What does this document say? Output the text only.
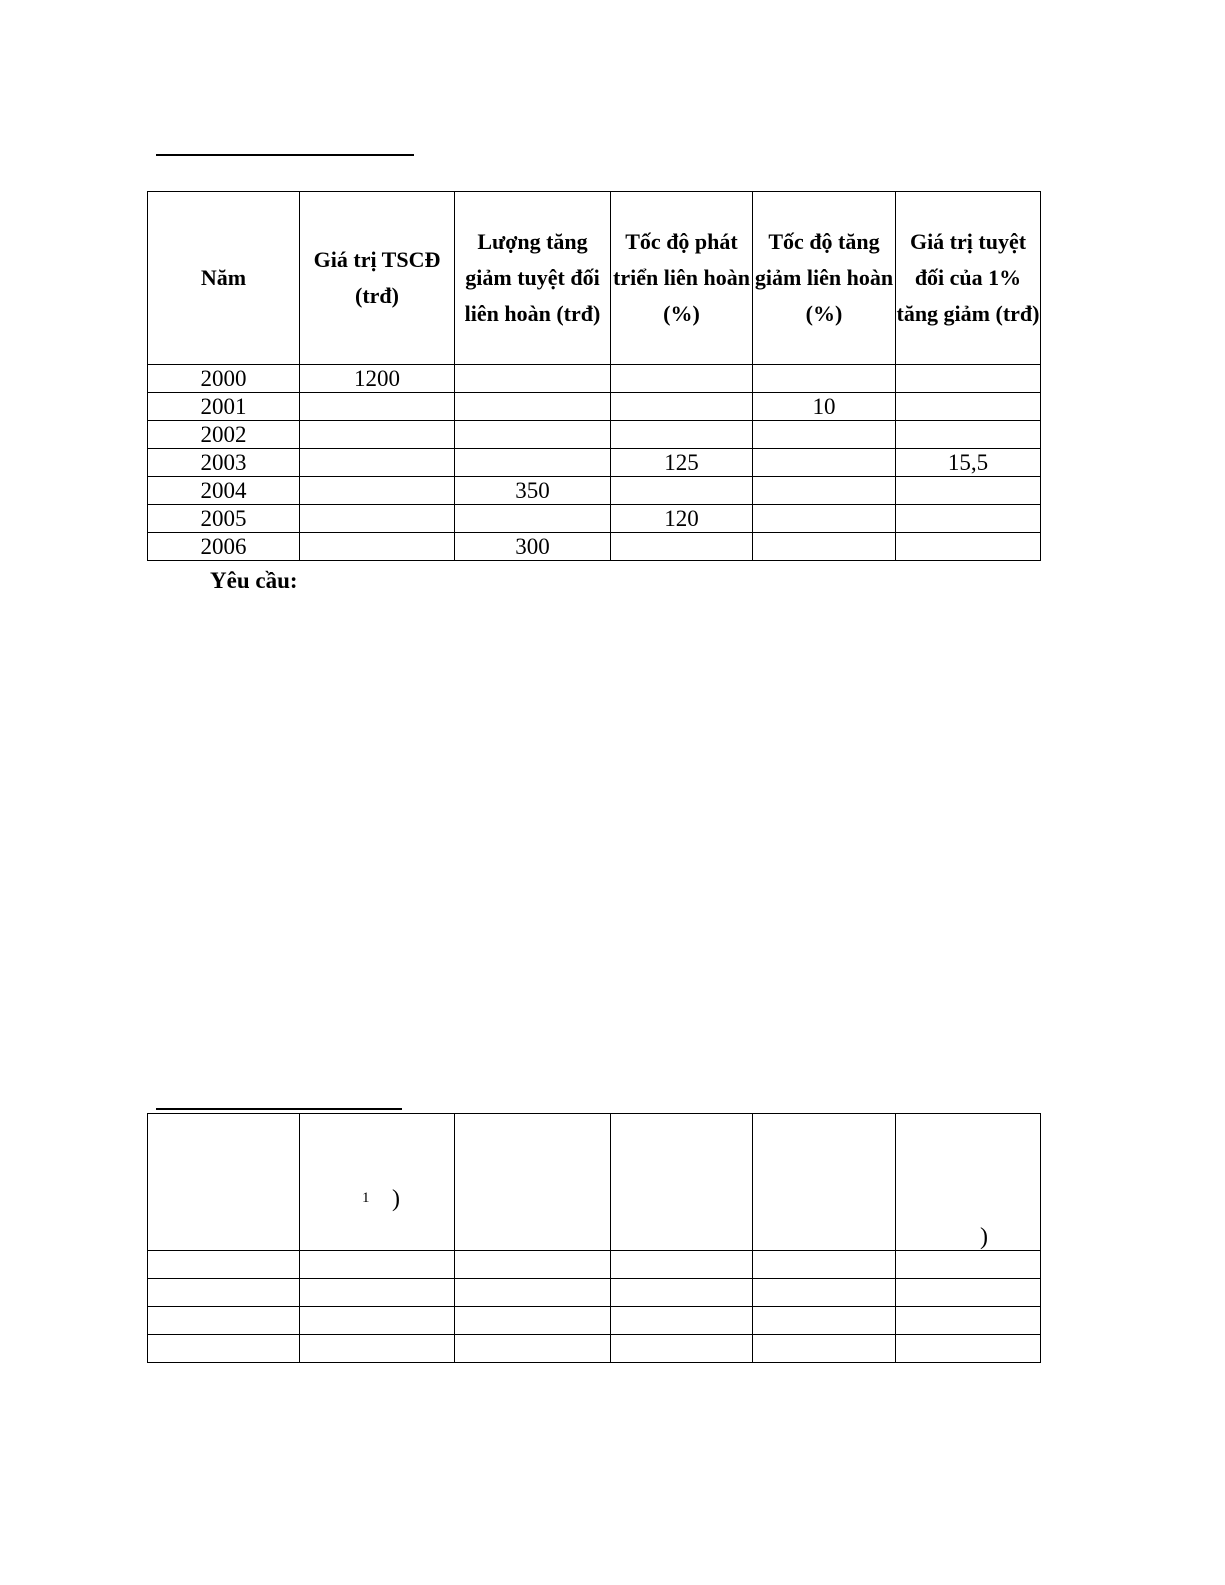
Năm	Giá trị TSCĐ (trđ)	Lượng tăng giảm tuyệt đối liên hoàn (trđ)	Tốc độ phát triển liên hoàn (%)	Tốc độ tăng giảm liên hoàn (%)	Giá trị tuyệt đối của 1% tăng giảm (trđ)
2000	1200				
2001				10	
2002					
2003			125		15,5
2004		350			
2005			120		
2006		300			
Yêu cầu:

	1 )				)
